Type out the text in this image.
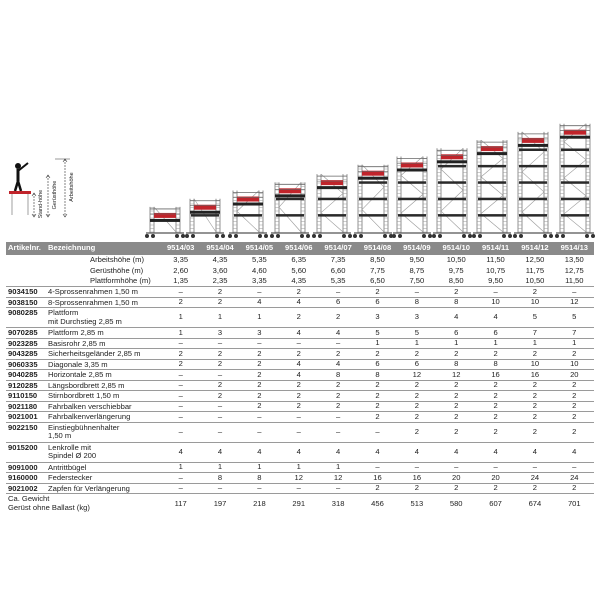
Arbeitshöhe
Gerüsthöhe
Stand-höhe
Artikelnr.	Bezeichnung	9514/03	9514/04	9514/05	9514/06	9514/07	9514/08	9514/09	9514/10	9514/11	9514/12	9514/13
	Arbeitshöhe (m)	3,35	4,35	5,35	6,35	7,35	8,50	9,50	10,50	11,50	12,50	13,50
	Gerüsthöhe (m)	2,60	3,60	4,60	5,60	6,60	7,75	8,75	9,75	10,75	11,75	12,75
	Plattformhöhe (m)	1,35	2,35	3,35	4,35	5,35	6,50	7,50	8,50	9,50	10,50	11,50
9034150	4-Sprossenrahmen 1,50 m	–	2	–	2	–	2	–	2	–	2	–
9038150	8-Sprossenrahmen 1,50 m	2	2	4	4	6	6	8	8	10	10	12
9080285	Plattform
mit Durchstieg 2,85 m	1	1	1	2	2	3	3	4	4	5	5
9070285	Plattform 2,85 m	1	3	3	4	4	5	5	6	6	7	7
9023285	Basisrohr 2,85 m	–	–	–	–	–	1	1	1	1	1	1
9043285	Sicherheitsgeländer 2,85 m	2	2	2	2	2	2	2	2	2	2	2
9060335	Diagonale 3,35 m	2	2	2	4	4	6	6	8	8	10	10
9040285	Horizontale 2,85 m	–	–	2	4	8	8	12	12	16	16	20
9120285	Längsbordbrett 2,85 m	–	2	2	2	2	2	2	2	2	2	2
9110150	Stirnbordbrett 1,50 m	–	2	2	2	2	2	2	2	2	2	2
9021180	Fahrbalken verschiebbar	–	–	2	2	2	2	2	2	2	2	2
9021001	Fahrbalkenverlängerung	–	–	–	–	–	2	2	2	2	2	2
9022150	Einstiegbühnenhalter
1,50 m	–	–	–	–	–	–	2	2	2	2	2
9015200	Lenkrolle mit
Spindel Ø 200	4	4	4	4	4	4	4	4	4	4	4
9091000	Antrittbügel	1	1	1	1	1	–	–	–	–	–	–
9160000	Federstecker	–	8	8	12	12	16	16	20	20	24	24
9021002	Zapfen für Verlängerung	–	–	–	–	–	2	2	2	2	2	2

Ca. Gewicht
Gerüst ohne Ballast (kg)		117	197	218	291	318	456	513	580	607	674	701
